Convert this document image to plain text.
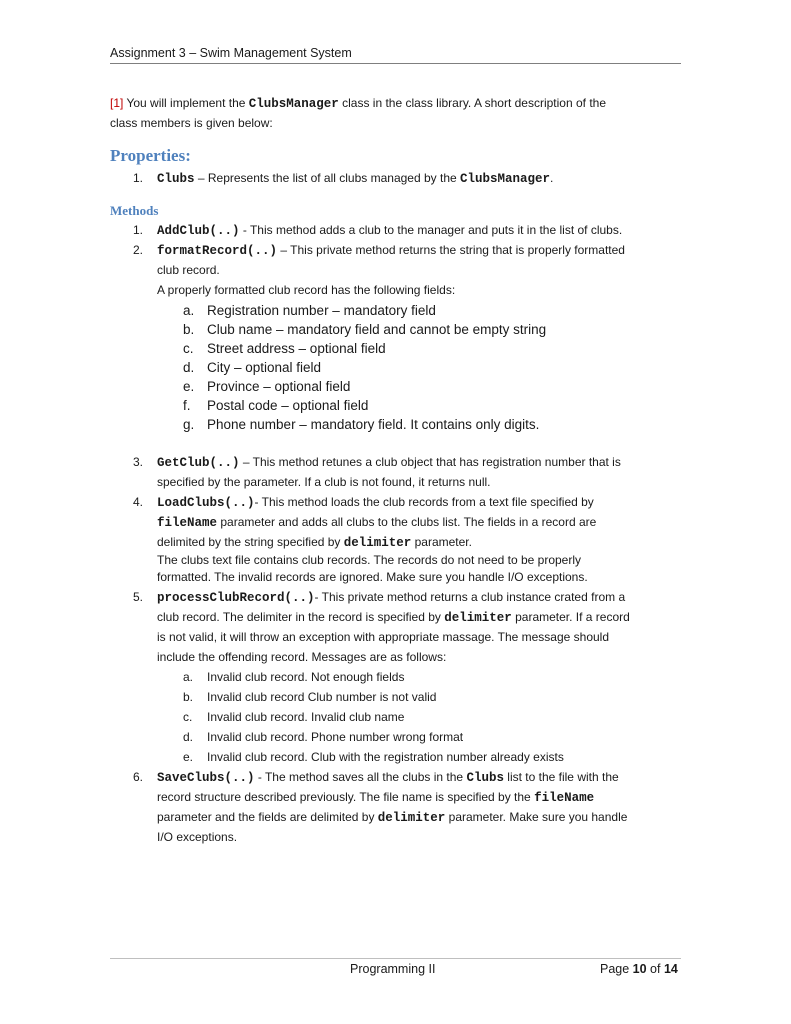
Assignment 3 – Swim Management System
[1] You will implement the ClubsManager class in the class library. A short description of the
class members is given below:
Properties:
1. Clubs – Represents the list of all clubs managed by the ClubsManager.
Methods
1. AddClub(..) - This method adds a club to the manager and puts it in the list of clubs.
2. formatRecord(..) – This private method returns the string that is properly formatted
club record.
A properly formatted club record has the following fields:
a. Registration number – mandatory field
b. Club name – mandatory field and cannot be empty string
c. Street address – optional field
d. City – optional field
e. Province – optional field
f. Postal code – optional field
g. Phone number – mandatory field. It contains only digits.
3. GetClub(..) – This method retunes a club object that has registration number that is
specified by the parameter. If a club is not found, it returns null.
4. LoadClubs(..)- This method loads the club records from a text file specified by
fileName parameter and adds all clubs to the clubs list. The fields in a record are
delimited by the string specified by delimiter parameter.
The clubs text file contains club records. The records do not need to be properly
formatted. The invalid records are ignored. Make sure you handle I/O exceptions.
5. processClubRecord(..)- This private method returns a club instance crated from a
club record. The delimiter in the record is specified by delimiter parameter. If a record
is not valid, it will throw an exception with appropriate massage. The message should
include the offending record. Messages are as follows:
a. Invalid club record. Not enough fields
b. Invalid club record Club number is not valid
c. Invalid club record. Invalid club name
d. Invalid club record. Phone number wrong format
e. Invalid club record. Club with the registration number already exists
6. SaveClubs(..) - The method saves all the clubs in the Clubs list to the file with the
record structure described previously. The file name is specified by the fileName
parameter and the fields are delimited by delimiter parameter. Make sure you handle
I/O exceptions.
Programming II	Page 10 of 14
